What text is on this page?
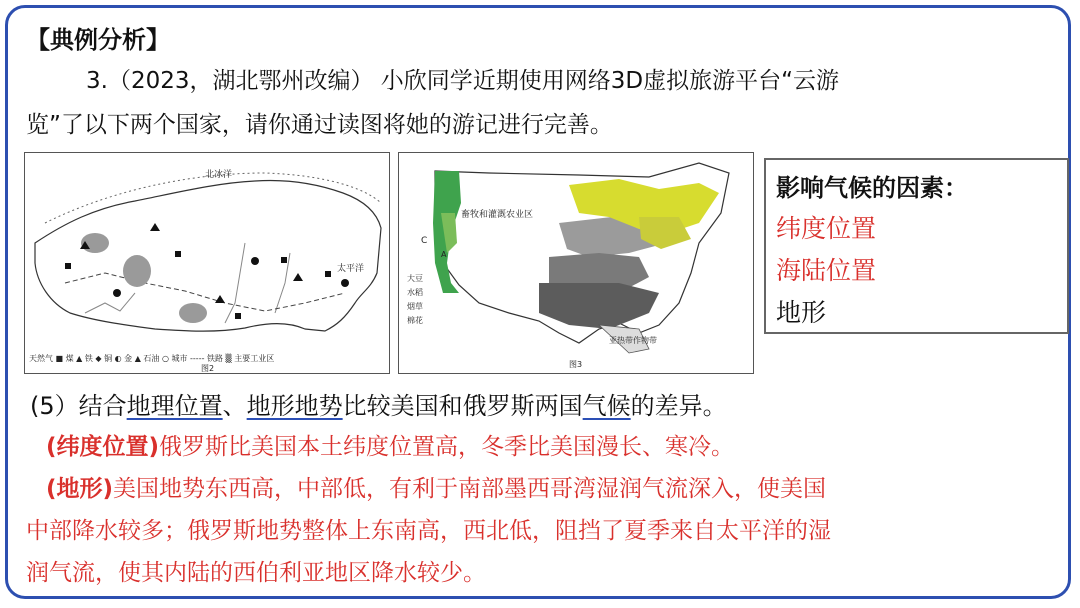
【典例分析】
3.（2023，湖北鄂州改编） 小欣同学近期使用网络3D虚拟旅游平台“云游
览”了以下两个国家，请你通过读图将她的游记进行完善。
北冰洋
太平洋
天然气 ■ 煤 ▲ 铁 ◆ 铜 ◐ 金 ▲ 石油 ○ 城市 ----- 铁路 ▒ 主要工业区
图2
畜牧和灌溉农业区
C
A
大豆
水稻
烟草
棉花
亚热带作物带
图3
影响气候的因素：
纬度位置
海陆位置
地形
(5）结合地理位置、地形地势比较美国和俄罗斯两国气候的差异。
(纬度位置)俄罗斯比美国本土纬度位置高，冬季比美国漫长、寒冷。
(地形)美国地势东西高，中部低，有利于南部墨西哥湾湿润气流深入，使美国
中部降水较多；俄罗斯地势整体上东南高，西北低，阻挡了夏季来自太平洋的湿
润气流，使其内陆的西伯利亚地区降水较少。
